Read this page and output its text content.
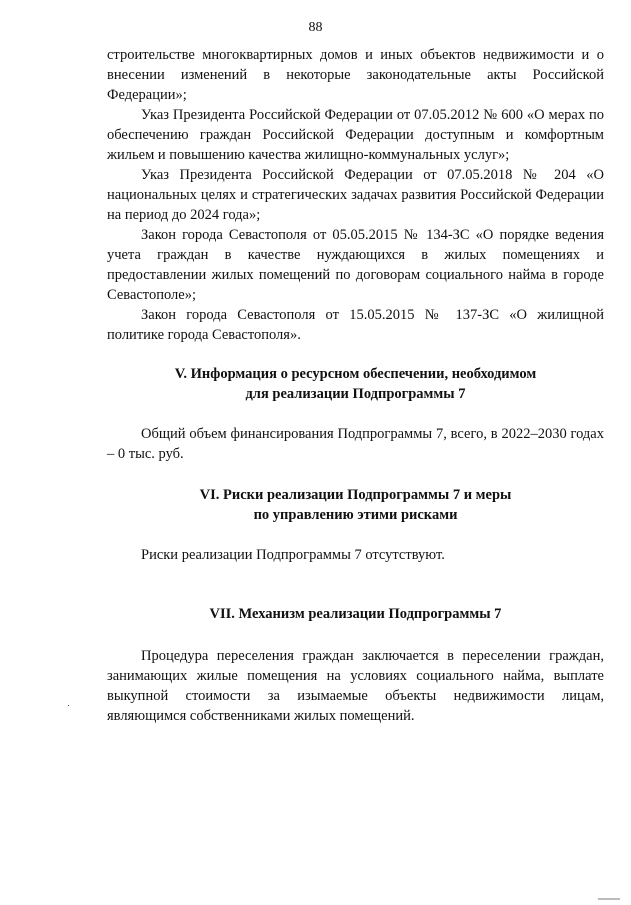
88

строительстве многоквартирных домов и иных объектов недвижимости и о внесении изменений в некоторые законодательные акты Российской Федерации»;

Указ Президента Российской Федерации от 07.05.2012 № 600 «О мерах по обеспечению граждан Российской Федерации доступным и комфортным жильем и повышению качества жилищно-коммунальных услуг»;

Указ Президента Российской Федерации от 07.05.2018 № 204 «О национальных целях и стратегических задачах развития Российской Федерации на период до 2024 года»;

Закон города Севастополя от 05.05.2015 № 134-ЗС «О порядке ведения учета граждан в качестве нуждающихся в жилых помещениях и предоставлении жилых помещений по договорам социального найма в городе Севастополе»;

Закон города Севастополя от 15.05.2015 № 137-ЗС «О жилищной политике города Севастополя».

V. Информация о ресурсном обеспечении, необходимом
для реализации Подпрограммы 7

Общий объем финансирования Подпрограммы 7, всего, в 2022–2030 годах – 0 тыс. руб.

VI. Риски реализации Подпрограммы 7 и меры
по управлению этими рисками

Риски реализации Подпрограммы 7 отсутствуют.

VII. Механизм реализации Подпрограммы 7

Процедура переселения граждан заключается в переселении граждан, занимающих жилые помещения на условиях социального найма, выплате выкупной стоимости за изымаемые объекты недвижимости лицам, являющимся собственниками жилых помещений.
